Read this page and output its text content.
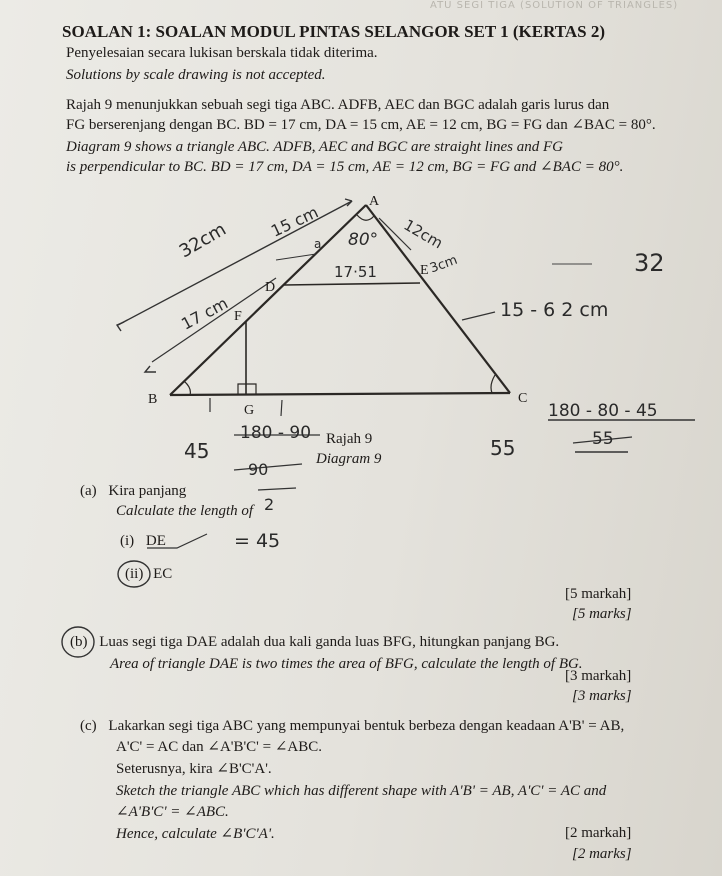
ATU SEGI TIGA (SOLUTION OF TRIANGLES)
SOALAN 1: SOALAN MODUL PINTAS SELANGOR SET 1 (KERTAS 2)
Penyelesaian secara lukisan berskala tidak diterima.
Solutions by scale drawing is not accepted.
Rajah 9 menunjukkan sebuah segi tiga ABC. ADFB, AEC dan BGC adalah garis lurus dan
FG berserenjang dengan BC. BD = 17 cm, DA = 15 cm, AE = 12 cm, BG = FG dan ∠BAC = 80°.
Diagram 9 shows a triangle ABC. ADFB, AEC and BGC are straight lines and FG
is perpendicular to BC. BD = 17 cm, DA = 15 cm, AE = 12 cm, BG = FG and ∠BAC = 80°.
A
B	C
D
E
F
G
15 cm
32cm
17 cm
12cm
80°
a
17·51	3cm	32
15 - 6 2 cm
180 - 80 - 45
55
55
45
180 - 90
90
2
= 45
Rajah 9
Diagram 9
(a) Kira panjang
Calculate the length of
(i) DE
(ii) EC
[5 markah]
[5 marks]
(b) Luas segi tiga DAE adalah dua kali ganda luas BFG, hitungkan panjang BG.
Area of triangle DAE is two times the area of BFG, calculate the length of BG.
[3 markah]
[3 marks]
(c) Lakarkan segi tiga ABC yang mempunyai bentuk berbeza dengan keadaan A'B' = AB,
A'C' = AC dan ∠A'B'C' = ∠ABC.
Seterusnya, kira ∠B'C'A'.
Sketch the triangle ABC which has different shape with A'B' = AB, A'C' = AC and
∠A'B'C' = ∠ABC.
Hence, calculate ∠B'C'A'.	[2 markah]
[2 marks]
